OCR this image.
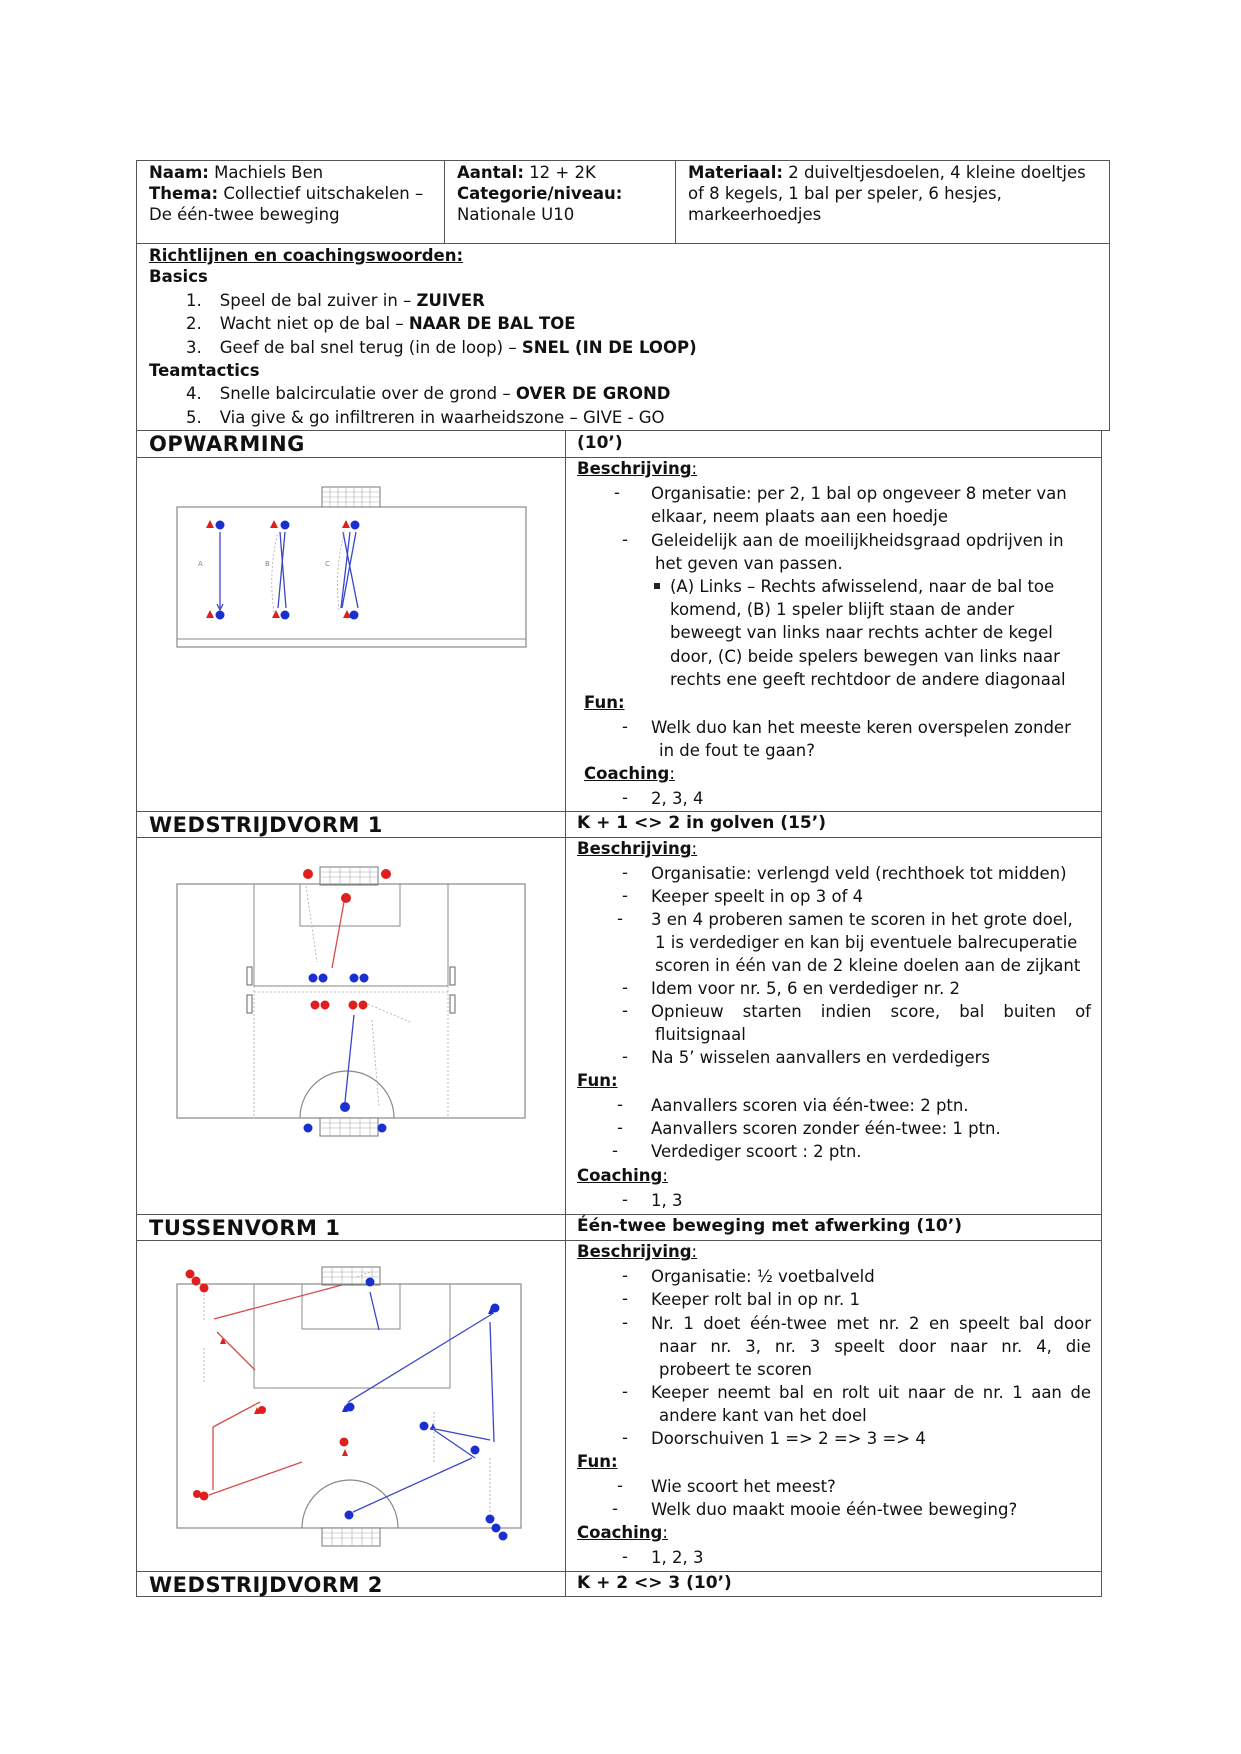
Naam: Machiels Ben
Thema: Collectief uitschakelen –
De één-twee beweging
Aantal: 12 + 2K
Categorie/niveau:
Nationale U10
Materiaal: 2 duiveltjesdoelen, 4 kleine doeltjes
of 8 kegels, 1 bal per speler, 6 hesjes,
markeerhoedjes
Richtlijnen en coachingswoorden:
Basics
1. Speel de bal zuiver in – ZUIVER
2. Wacht niet op de bal – NAAR DE BAL TOE
3. Geef de bal snel terug (in de loop) – SNEL (IN DE LOOP)
Teamtactics
4. Snelle balcirculatie over de grond – OVER DE GROND
5. Via give & go infiltreren in waarheidszone – GIVE - GO
OPWARMING	(10’)
A	B	C
Beschrijving:
- Organisatie: per 2, 1 bal op ongeveer 8 meter van
elkaar, neem plaats aan een hoedje
- Geleidelijk aan de moeilijkheidsgraad opdrijven in
het geven van passen.
(A) Links – Rechts afwisselend, naar de bal toe
komend, (B) 1 speler blijft staan de ander
beweegt van links naar rechts achter de kegel
door, (C) beide spelers bewegen van links naar
rechts ene geeft rechtdoor de andere diagonaal
Fun:
- Welk duo kan het meeste keren overspelen zonder
in de fout te gaan?
Coaching:
- 2, 3, 4
WEDSTRIJDVORM 1	K + 1 <> 2 in golven (15’)
Beschrijving:
- Organisatie: verlengd veld (rechthoek tot midden)
- Keeper speelt in op 3 of 4
- 3 en 4 proberen samen te scoren in het grote doel,
1 is verdediger en kan bij eventuele balrecuperatie
scoren in één van de 2 kleine doelen aan de zijkant
- Idem voor nr. 5, 6 en verdediger nr. 2
- Opnieuw starten indien score, bal buiten of
fluitsignaal
- Na 5’ wisselen aanvallers en verdedigers
Fun:
- Aanvallers scoren via één-twee: 2 ptn.
- Aanvallers scoren zonder één-twee: 1 ptn.
- Verdediger scoort : 2 ptn.
Coaching:
- 1, 3
TUSSENVORM 1	Één-twee beweging met afwerking (10’)
Beschrijving:
- Organisatie: ½ voetbalveld
- Keeper rolt bal in op nr. 1
- Nr. 1 doet één-twee met nr. 2 en speelt bal door
naar nr. 3, nr. 3 speelt door naar nr. 4, die
probeert te scoren
- Keeper neemt bal en rolt uit naar de nr. 1 aan de
andere kant van het doel
- Doorschuiven 1 => 2 => 3 => 4
Fun:
- Wie scoort het meest?
- Welk duo maakt mooie één-twee beweging?
Coaching:
- 1, 2, 3
WEDSTRIJDVORM 2	K + 2 <> 3 (10’)
